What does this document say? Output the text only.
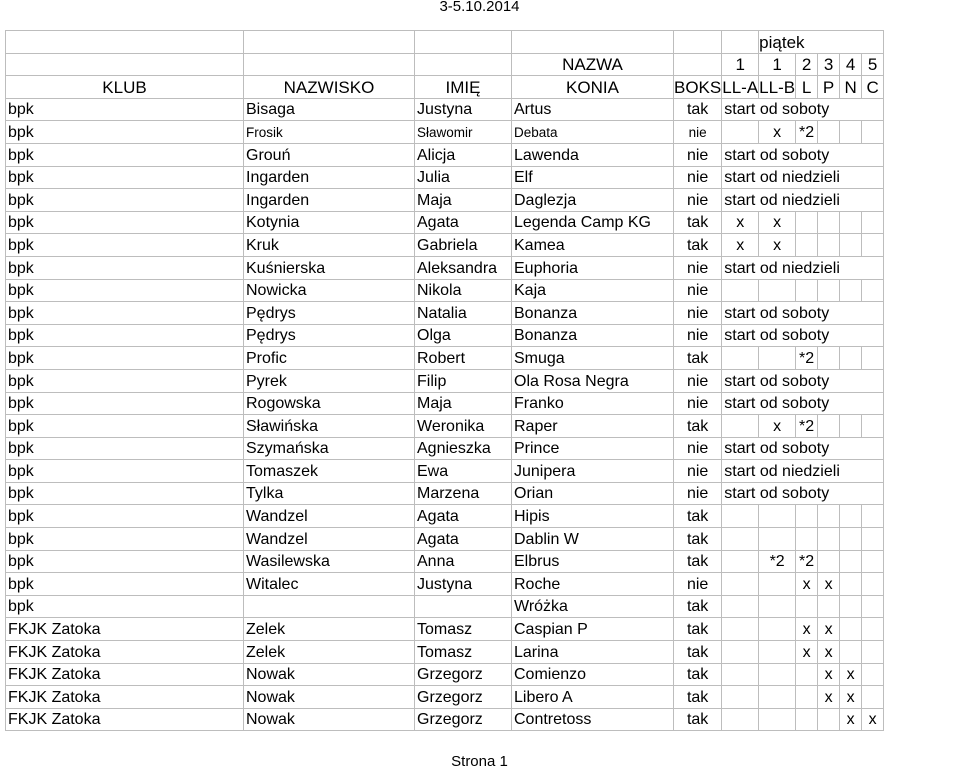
3-5.10.2014
						piątek				
			NAZWA		1	1	2	3	4	5
KLUB	NAZWISKO	IMIĘ	KONIA	BOKS	LL-A	LL-B	L	P	N	C
bpk	Bisaga	Justyna	Artus	tak	start od soboty					
bpk	Frosik	Sławomir	Debata	nie		x	*2			
bpk	Grouń	Alicja	Lawenda	nie	start od soboty					
bpk	Ingarden	Julia	Elf	nie	start od niedzieli					
bpk	Ingarden	Maja	Daglezja	nie	start od niedzieli					
bpk	Kotynia	Agata	Legenda Camp KG	tak	x	x				
bpk	Kruk	Gabriela	Kamea	tak	x	x				
bpk	Kuśnierska	Aleksandra	Euphoria	nie	start od niedzieli					
bpk	Nowicka	Nikola	Kaja	nie						
bpk	Pędrys	Natalia	Bonanza	nie	start od soboty					
bpk	Pędrys	Olga	Bonanza	nie	start od soboty					
bpk	Profic	Robert	Smuga	tak			*2			
bpk	Pyrek	Filip	Ola Rosa Negra	nie	start od soboty					
bpk	Rogowska	Maja	Franko	nie	start od soboty					
bpk	Sławińska	Weronika	Raper	tak		x	*2			
bpk	Szymańska	Agnieszka	Prince	nie	start od soboty					
bpk	Tomaszek	Ewa	Junipera	nie	start od niedzieli					
bpk	Tylka	Marzena	Orian	nie	start od soboty					
bpk	Wandzel	Agata	Hipis	tak						
bpk	Wandzel	Agata	Dablin W	tak						
bpk	Wasilewska	Anna	Elbrus	tak		*2	*2			
bpk	Witalec	Justyna	Roche	nie			x	x		
bpk			Wróżka	tak						
FKJK Zatoka	Zelek	Tomasz	Caspian P	tak			x	x		
FKJK Zatoka	Zelek	Tomasz	Larina	tak			x	x		
FKJK Zatoka	Nowak	Grzegorz	Comienzo	tak				x	x	
FKJK Zatoka	Nowak	Grzegorz	Libero A	tak				x	x	
FKJK Zatoka	Nowak	Grzegorz	Contretoss	tak					x	x
Strona 1
